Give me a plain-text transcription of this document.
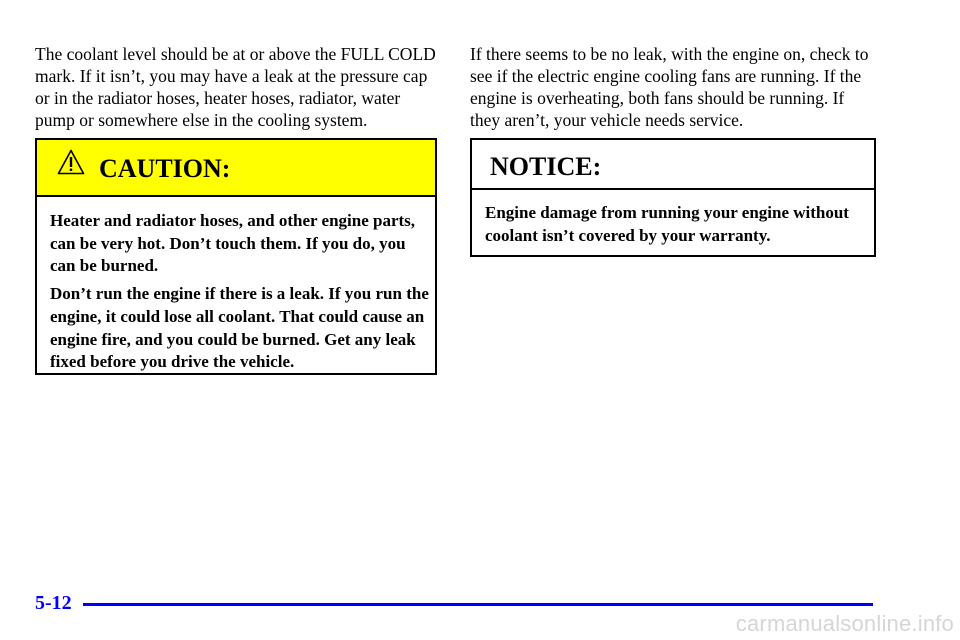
The coolant level should be at or above the FULL COLD
mark. If it isn’t, you may have a leak at the pressure cap
or in the radiator hoses, heater hoses, radiator, water
pump or somewhere else in the cooling system.
CAUTION:

Heater and radiator hoses, and other engine parts, can be very hot. Don’t touch them. If you do, you can be burned.

Don’t run the engine if there is a leak. If you run the engine, it could lose all coolant. That could cause an engine fire, and you could be burned. Get any leak fixed before you drive the vehicle.

If there seems to be no leak, with the engine on, check to
see if the electric engine cooling fans are running. If the
engine is overheating, both fans should be running. If
they aren’t, your vehicle needs service.
NOTICE:

Engine damage from running your engine without coolant isn’t covered by your warranty.

5-12
carmanualsonline.info
